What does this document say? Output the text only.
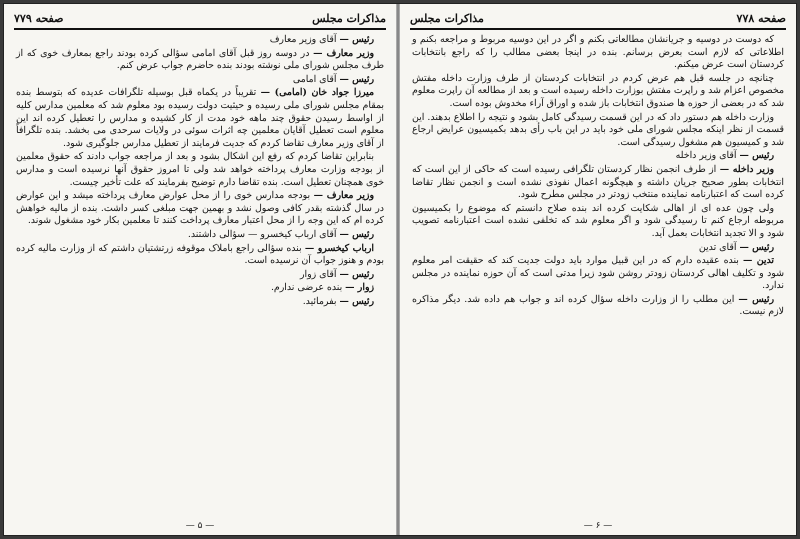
مذاکرات مجلس
صفحه ۷۷۹

رئیس — آقای وزیر معارف

وزیر معارف — در دوسه روز قبل آقای امامی سؤالی کرده بودند راجع بمعارف خوی که از طرف مجلس شورای ملی نوشته بودند بنده حاضرم جواب عرض کنم.

رئیس — آقای امامی

میرزا جواد خان (امامی) — تقریباً در یکماه قبل بوسیله تلگرافات عدیده که بتوسط بنده بمقام مجلس شورای ملی رسیده و حیثیت دولت رسیده بود معلوم شد که معلمین مدارس کلیه از اواسط رسیدن حقوق چند ماهه خود مدت از کار کشیده و مدارس را تعطیل کرده اند این معلوم است تعطیل آقایان معلمین چه اثرات سوئی در ولایات سرحدی می بخشد. بنده تلگرافاً از آقای وزیر معارف تقاضا کردم که جدیت فرمایند از تعطیل مدارس جلوگیری شود.

بنابراین تقاضا کردم که رفع این اشکال بشود و بعد از مراجعه جواب دادند که حقوق معلمین از بودجه وزارت معارف پرداخته خواهد شد ولی تا امروز حقوق آنها نرسیده است و مدارس خوی همچنان تعطیل است. بنده تقاضا دارم توضیح بفرمایند که علت تأخیر چیست.

وزیر معارف — بودجه مدارس خوی را از محل عوارض معارف پرداخته میشد و این عوارض در سال گذشته بقدر کافی وصول نشد و بهمین جهت مبلغی کسر داشت. بنده از مالیه خواهش کرده ام که این وجه را از محل اعتبار معارف پرداخت کنند تا معلمین بکار خود مشغول شوند.

رئیس — آقای ارباب کیخسرو — سؤالی داشتند.

ارباب کیخسرو — بنده سؤالی راجع باملاک موقوفه زرتشتیان داشتم که از وزارت مالیه کرده بودم و هنوز جواب آن نرسیده است.

رئیس — آقای زوار

زوار — بنده عرضی ندارم.

رئیس — بفرمائید.

— ۵ —
صفحه ۷۷۸
مذاکرات مجلس

که دوست در دوسیه و جریانشان مطالعاتی بکنم و اگر در این دوسیه مربوط و مراجعه بکنم و اطلاعاتی که لازم است بعرض برسانم. بنده در اینجا بعضی مطالب را که راجع بانتخابات کردستان است عرض میکنم.

چنانچه در جلسه قبل هم عرض کردم در انتخابات کردستان از طرف وزارت داخله مفتش مخصوص اعزام شد و راپرت مفتش بوزارت داخله رسیده است و بعد از مطالعه آن راپرت معلوم شد که در بعضی از حوزه ها صندوق انتخابات باز شده و اوراق آراء مخدوش بوده است.

وزارت داخله هم دستور داد که در این قسمت رسیدگی کامل بشود و نتیجه را اطلاع بدهند. این قسمت از نظر اینکه مجلس شورای ملی خود باید در این باب رأی بدهد بکمیسیون عرایض ارجاع شد و کمیسیون هم مشغول رسیدگی است.

رئیس — آقای وزیر داخله

وزیر داخله — از طرف انجمن نظار کردستان تلگرافی رسیده است که حاکی از این است که انتخابات بطور صحیح جریان داشته و هیچگونه اعمال نفوذی نشده است و انجمن نظار تقاضا کرده است که اعتبارنامه نماینده منتخب زودتر در مجلس مطرح شود.

ولی چون عده ای از اهالی شکایت کرده اند بنده صلاح دانستم که موضوع را بکمیسیون مربوطه ارجاع کنم تا رسیدگی شود و اگر معلوم شد که تخلفی نشده است اعتبارنامه تصویب شود و الا تجدید انتخابات بعمل آید.

رئیس — آقای تدین

تدین — بنده عقیده دارم که در این قبیل موارد باید دولت جدیت کند که حقیقت امر معلوم شود و تکلیف اهالی کردستان زودتر روشن شود زیرا مدتی است که آن حوزه نماینده در مجلس ندارد.

رئیس — این مطلب را از وزارت داخله سؤال کرده اند و جواب هم داده شد. دیگر مذاکره لازم نیست.

— ۶ —
